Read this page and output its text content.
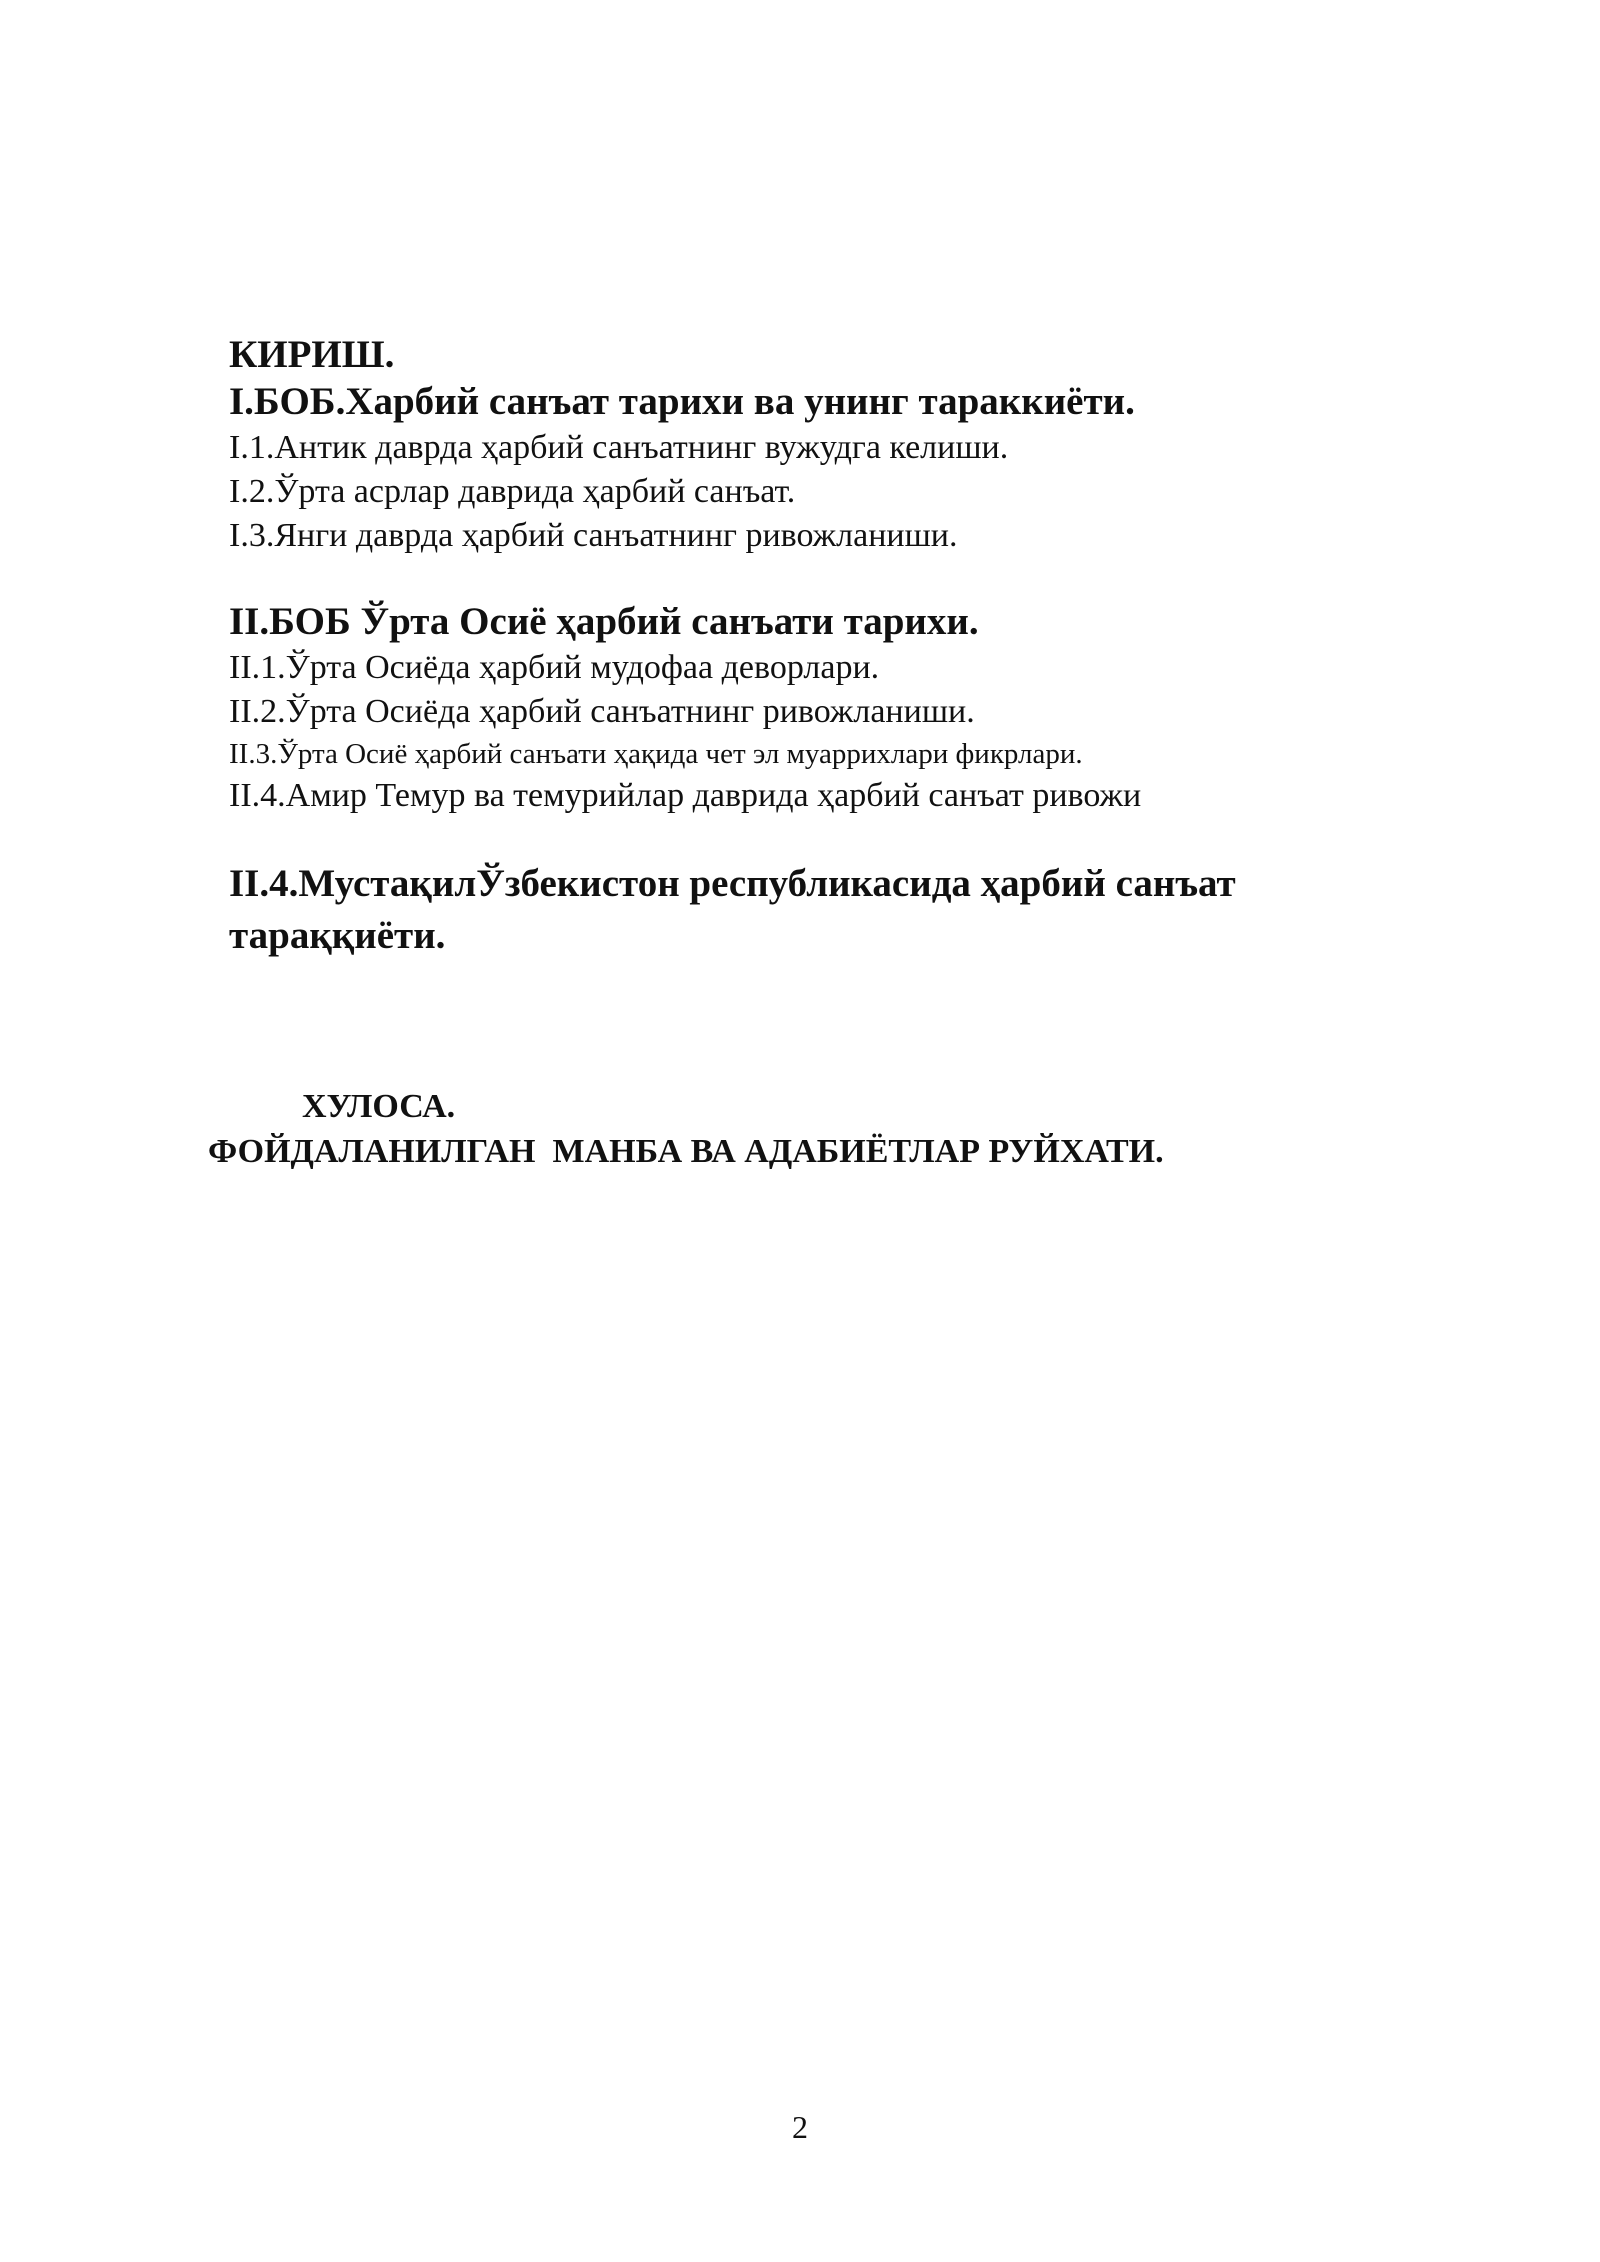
КИРИШ.

I.БОБ.Харбий санъат тарихи ва унинг тараккиёти.

I.1.Антик даврда ҳарбий санъатнинг вужудга келиши.

I.2.Ўрта асрлар даврида ҳарбий санъат.

I.3.Янги даврда ҳарбий санъатнинг ривожланиши.

II.БОБ Ўрта Осиё ҳарбий санъати тарихи.

II.1.Ўрта Осиёда ҳарбий мудофаа деворлари.

II.2.Ўрта Осиёда ҳарбий санъатнинг ривожланиши.

II.3.Ўрта Осиё ҳарбий санъати ҳақида чет эл муаррихлари фикрлари.

II.4.Амир Темур ва темурийлар даврида ҳарбий санъат ривожи

II.4.МустақилЎзбекистон республикасида ҳарбий санъат

тараққиёти.

ХУЛОСА.

ФОЙДАЛАНИЛГАН  МАНБА ВА АДАБИЁТЛАР РУЙХАТИ.

2
